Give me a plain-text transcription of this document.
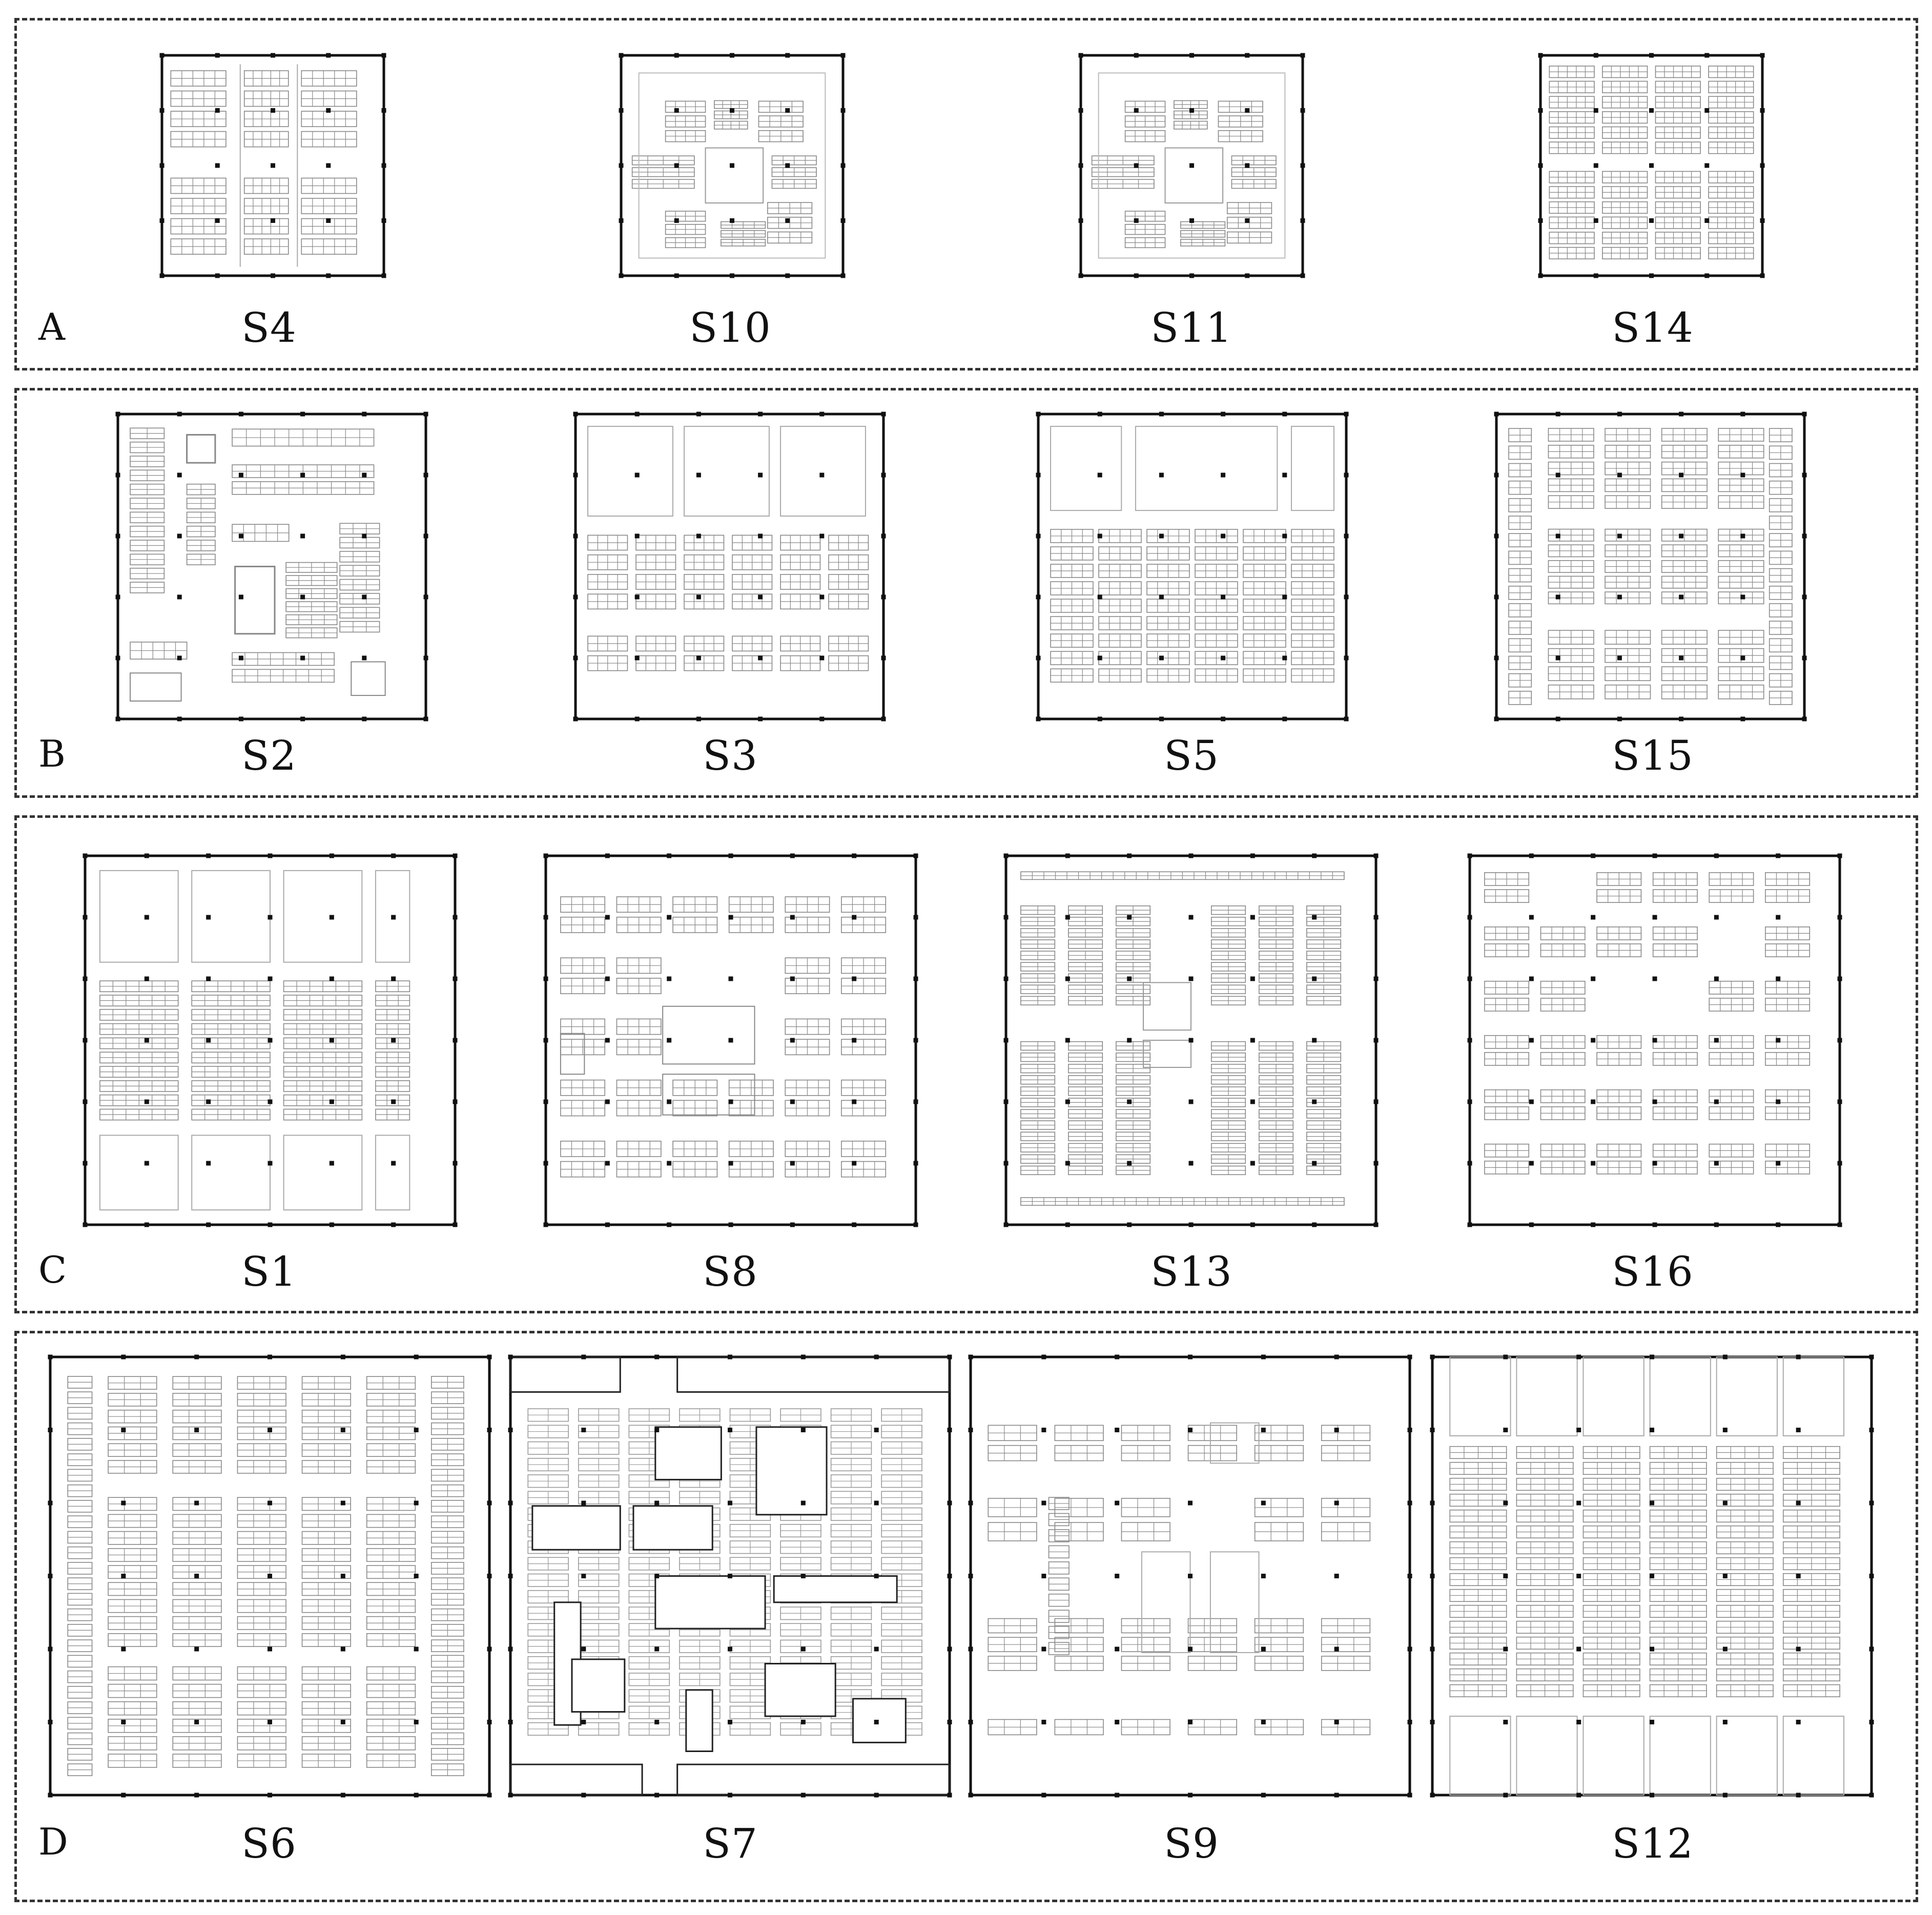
A
B
C
D
S4	S10	S11	S14
S2	S3	S5	S15
S1	S8	S13	S16
S6	S7	S9	S12
